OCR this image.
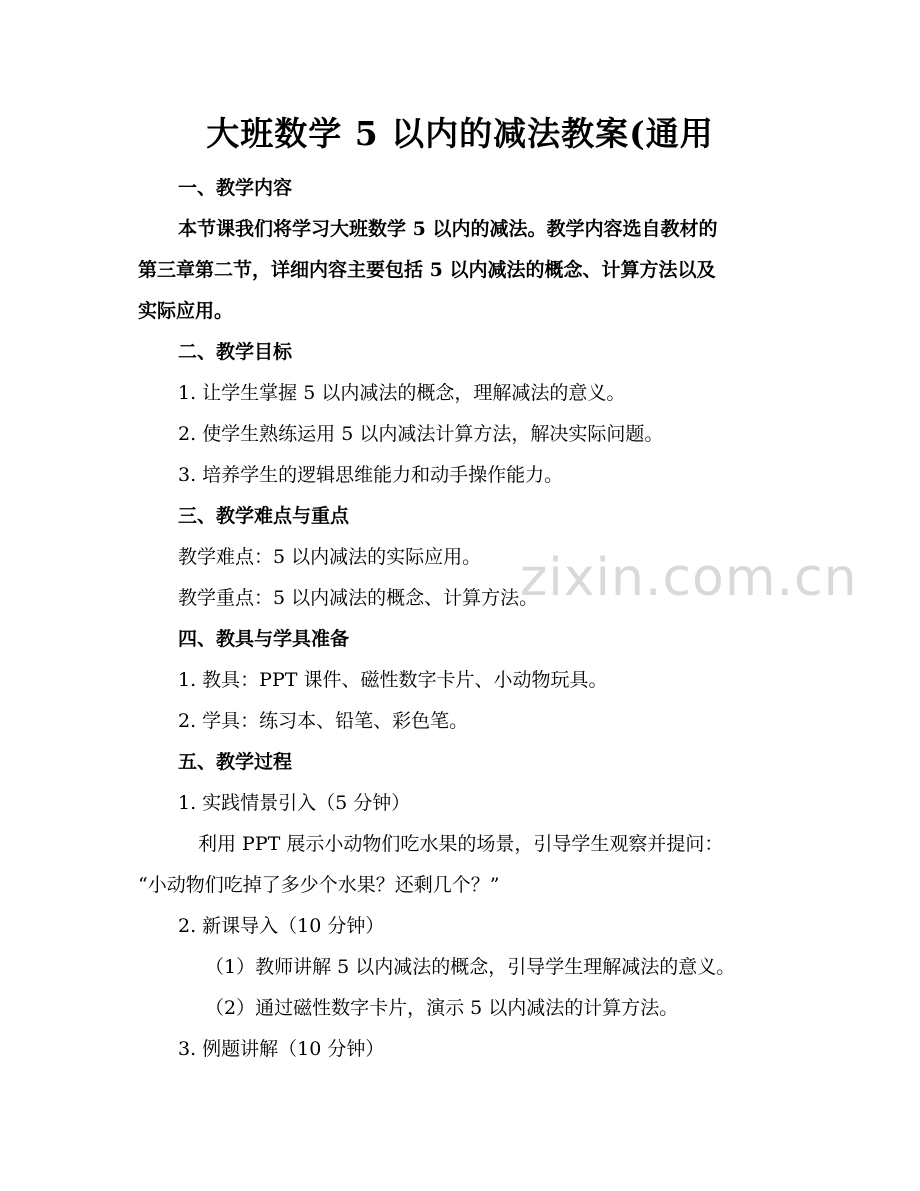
zixin.com.cn
大班数学 5 以内的减法教案(通用
一、教学内容
本节课我们将学习大班数学 5 以内的减法。教学内容选自教材的
第三章第二节，详细内容主要包括 5 以内减法的概念、计算方法以及
实际应用。
二、教学目标
1. 让学生掌握 5 以内减法的概念，理解减法的意义。
2. 使学生熟练运用 5 以内减法计算方法，解决实际问题。
3. 培养学生的逻辑思维能力和动手操作能力。
三、教学难点与重点
教学难点：5 以内减法的实际应用。
教学重点：5 以内减法的概念、计算方法。
四、教具与学具准备
1. 教具：PPT 课件、磁性数字卡片、小动物玩具。
2. 学具：练习本、铅笔、彩色笔。
五、教学过程
1. 实践情景引入（5 分钟）
利用 PPT 展示小动物们吃水果的场景，引导学生观察并提问：
“小动物们吃掉了多少个水果？还剩几个？”
2. 新课导入（10 分钟）
（1）教师讲解 5 以内减法的概念，引导学生理解减法的意义。
（2）通过磁性数字卡片，演示 5 以内减法的计算方法。
3. 例题讲解（10 分钟）
